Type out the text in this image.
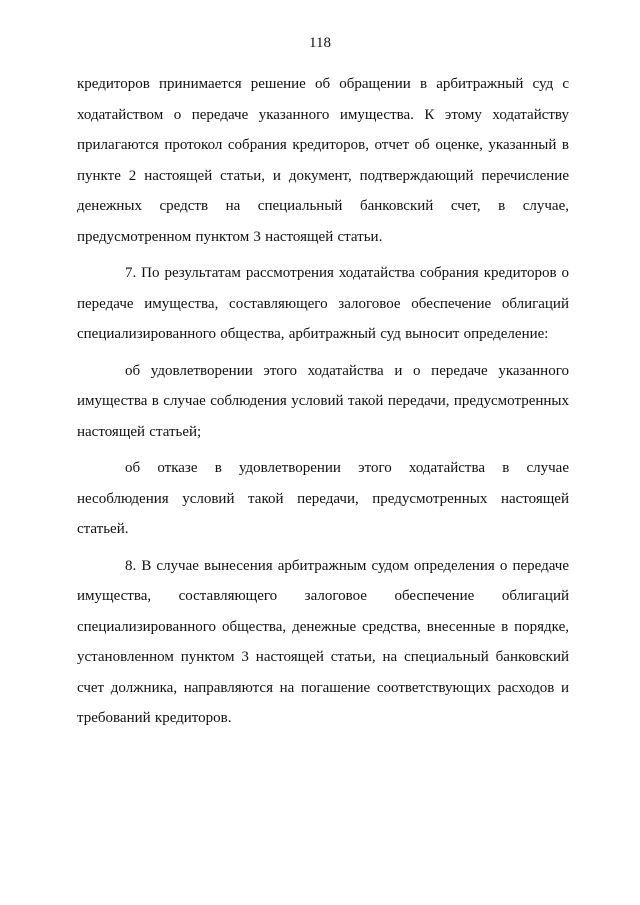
118

кредиторов принимается решение об обращении в арбитражный суд с ходатайством о передаче указанного имущества. К этому ходатайству прилагаются протокол собрания кредиторов, отчет об оценке, указанный в пункте 2 настоящей статьи, и документ, подтверждающий перечисление денежных средств на специальный банковский счет, в случае, предусмотренном пунктом 3 настоящей статьи.

7. По результатам рассмотрения ходатайства собрания кредиторов о передаче имущества, составляющего залоговое обеспечение облигаций специализированного общества, арбитражный суд выносит определение:

об удовлетворении этого ходатайства и о передаче указанного имущества в случае соблюдения условий такой передачи, предусмотренных настоящей статьей;

об отказе в удовлетворении этого ходатайства в случае несоблюдения условий такой передачи, предусмотренных настоящей статьей.

8. В случае вынесения арбитражным судом определения о передаче имущества, составляющего залоговое обеспечение облигаций специализированного общества, денежные средства, внесенные в порядке, установленном пунктом 3 настоящей статьи, на специальный банковский счет должника, направляются на погашение соответствующих расходов и требований кредиторов.
